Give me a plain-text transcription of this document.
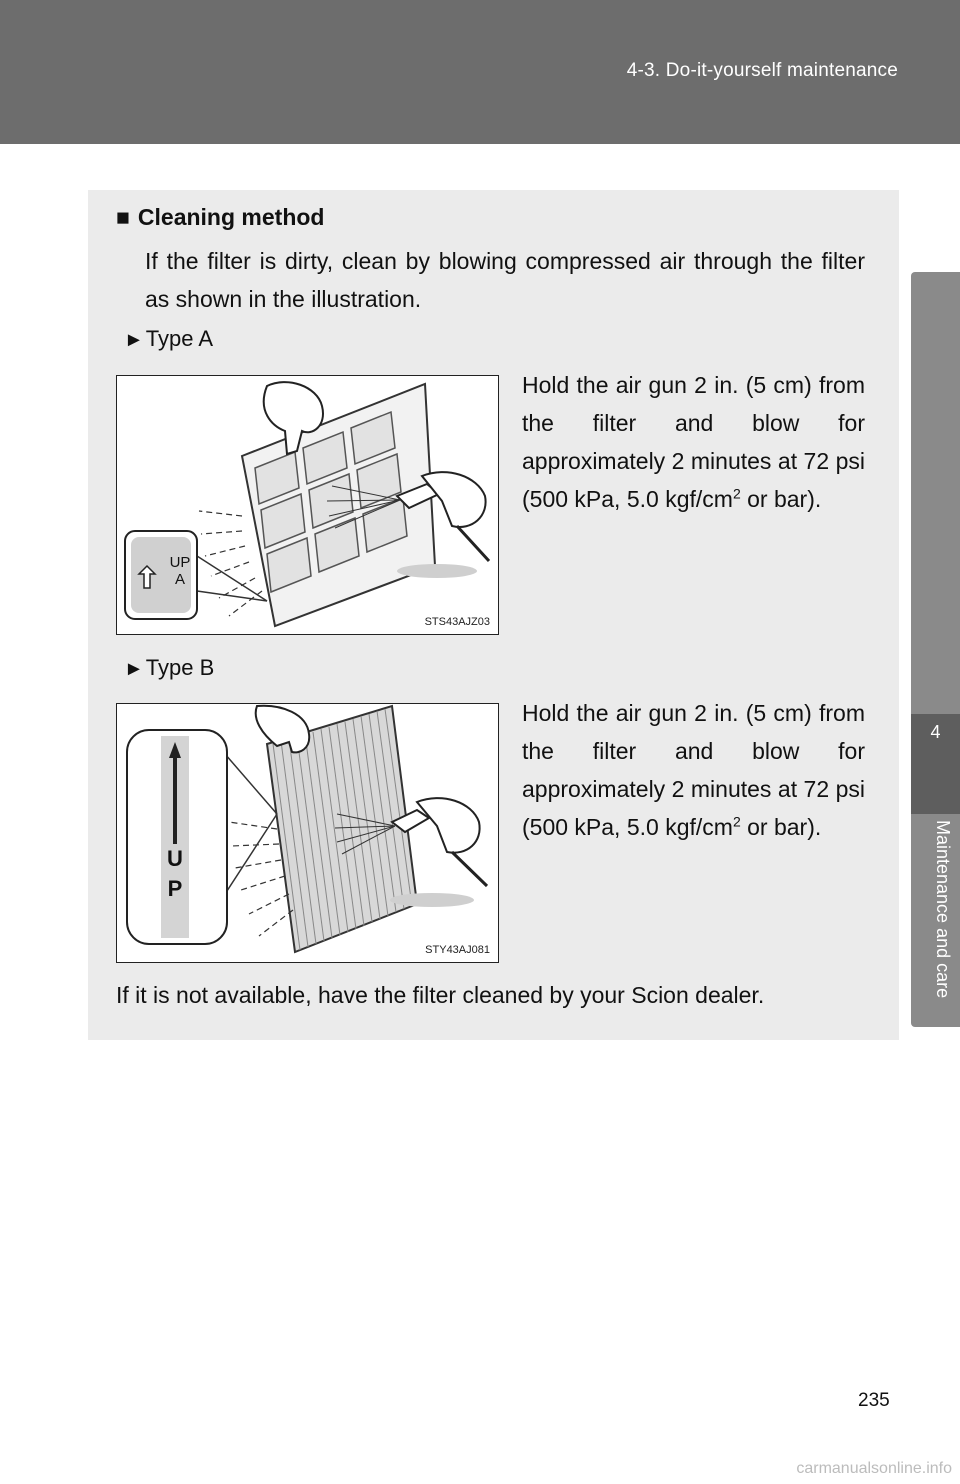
4-3. Do-it-yourself maintenance
4
Maintenance and care
■ Cleaning method
If the filter is dirty, clean by blowing compressed air through the filter as shown in the illustration.
►Type A
UP
A
STS43AJZ03
Hold the air gun 2 in. (5 cm) from the filter and blow for approximately 2 minutes at 72 psi (500 kPa, 5.0 kgf/$cm^2$ or bar).
►Type B
UP
STY43AJ081
Hold the air gun 2 in. (5 cm) from the filter and blow for approximately 2 minutes at 72 psi (500 kPa, 5.0 kgf/$cm^2$ or bar).
If it is not available, have the filter cleaned by your Scion dealer.
235
carmanualsonline.info
